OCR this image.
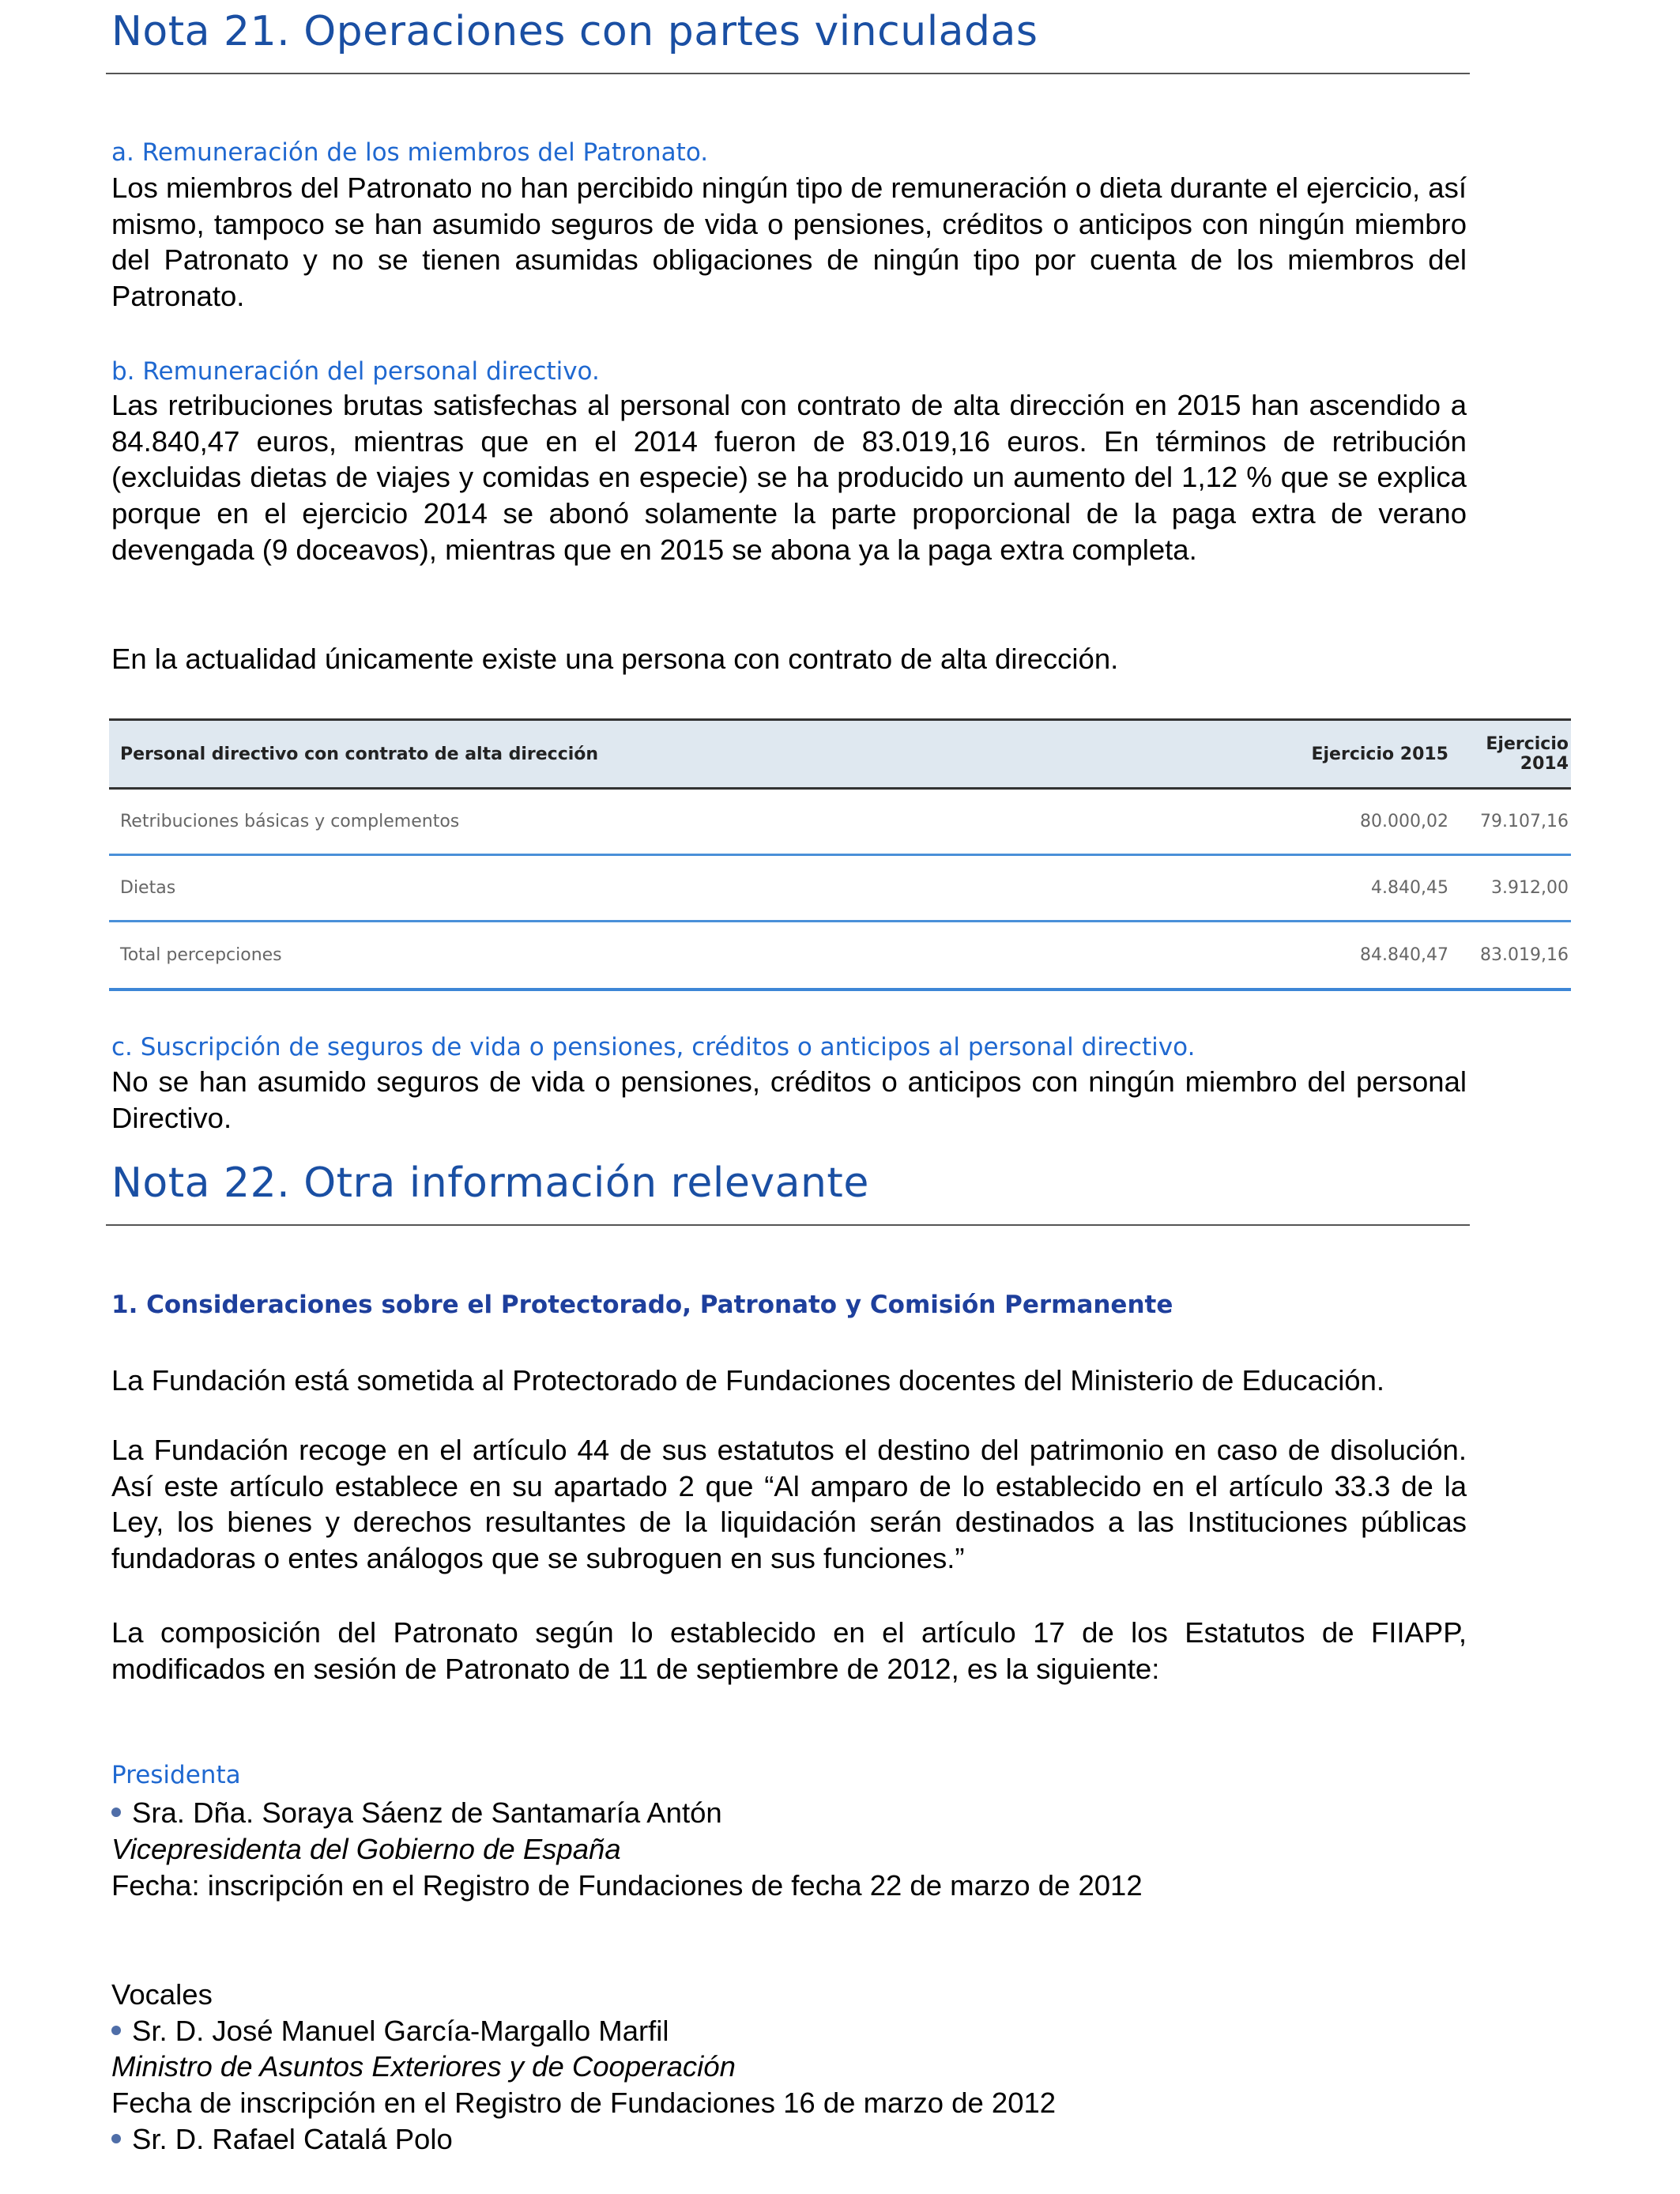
Nota 21. Operaciones con partes vinculadas

a. Remuneración de los miembros del Patronato.

Los miembros del Patronato no han percibido ningún tipo de remuneración o dieta durante el ejercicio, así mismo, tampoco se han asumido seguros de vida o pensiones, créditos o anticipos con ningún miembro del Patronato y no se tienen asumidas obligaciones de ningún tipo por cuenta de los miembros del Patronato.

b. Remuneración del personal directivo.

Las retribuciones brutas satisfechas al personal con contrato de alta dirección en 2015 han ascendido a 84.840,47 euros, mientras que en el 2014 fueron de 83.019,16 euros. En términos de retribución (excluidas dietas de viajes y comidas en especie) se ha producido un aumento del 1,12 % que se explica porque en el ejercicio 2014 se abonó solamente la parte proporcional de la paga extra de verano devengada (9 doceavos), mientras que en 2015 se abona ya la paga extra completa.

En la actualidad únicamente existe una persona con contrato de alta dirección.

Personal directivo con contrato de alta dirección	Ejercicio 2015	Ejercicio 2014
Retribuciones básicas y complementos	80.000,02	79.107,16
Dietas	4.840,45	3.912,00
Total percepciones	84.840,47	83.019,16

c. Suscripción de seguros de vida o pensiones, créditos o anticipos al personal directivo.

No se han asumido seguros de vida o pensiones, créditos o anticipos con ningún miembro del personal Directivo.

Nota 22. Otra información relevante

1. Consideraciones sobre el Protectorado, Patronato y Comisión Permanente

La Fundación está sometida al Protectorado de Fundaciones docentes del Ministerio de Educación.

La Fundación recoge en el artículo 44 de sus estatutos el destino del patrimonio en caso de disolución. Así este artículo establece en su apartado 2 que “Al amparo de lo establecido en el artículo 33.3 de la Ley, los bienes y derechos resultantes de la liquidación serán destinados a las Instituciones públicas fundadoras o entes análogos que se subroguen en sus funciones.”

La composición del Patronato según lo establecido en el artículo 17 de los Estatutos de FIIAPP, modificados en sesión de Patronato de 11 de septiembre de 2012, es la siguiente:

Presidenta

Sra. Dña. Soraya Sáenz de Santamaría Antón

Vicepresidenta del Gobierno de España

Fecha: inscripción en el Registro de Fundaciones de fecha 22 de marzo de 2012

Vocales

Sr. D. José Manuel García-Margallo Marfil

Ministro de Asuntos Exteriores y de Cooperación

Fecha de inscripción en el Registro de Fundaciones 16 de marzo de 2012

Sr. D. Rafael Catalá Polo
